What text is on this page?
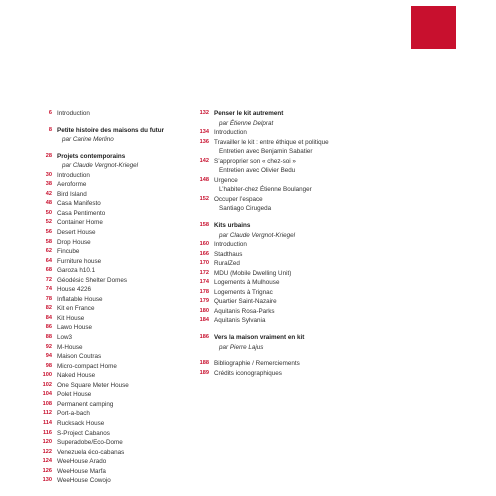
6 Introduction
8 Petite histoire des maisons du futur
par Carine Merlino
28 Projets contemporains
par Claude Vergnot-Kriegel
30 Introduction
38 Aeroforme
42 Bird Island
48 Casa Manifesto
50 Casa Pentimento
52 Container Home
56 Desert House
58 Drop House
62 Fincube
64 Furniture house
68 Garoza h10.1
72 Géodésic Shelter Domes
74 House 4226
78 Inflatable House
82 Kit en France
84 Kit House
86 Lawo House
88 Low3
92 M-House
94 Maison Coutras
98 Micro-compact Home
100 Naked House
102 One Square Meter House
104 Polet House
108 Permanent camping
112 Port-a-bach
114 Rucksack House
116 S-Project Cabanos
120 Superadobe/Eco-Dome
122 Venezuela éco-cabanas
124 WeeHouse Arado
126 WeeHouse Marfa
130 WeeHouse Cowojo
132 Penser le kit autrement
par Étienne Delprat
134 Introduction
136 Travailler le kit : entre éthique et politique
Entretien avec Benjamin Sabatier
142 S’approprier son « chez-soi »
Entretien avec Olivier Bedu
148 Urgence
L’habiter-chez Étienne Boulanger
152 Occuper l’espace
Santiago Cirugeda
158 Kits urbains
par Claude Vergnot-Kriegel
160 Introduction
166 Stadthaus
170 RuralZed
172 MDU (Mobile Dwelling Unit)
174 Logements à Mulhouse
178 Logements à Trignac
179 Quartier Saint-Nazaire
180 Aquitanis Rosa-Parks
184 Aquitanis Sylvania
186 Vers la maison vraiment en kit
par Pierre Lajus
188 Bibliographie / Remerciements
189 Crédits iconographiques
